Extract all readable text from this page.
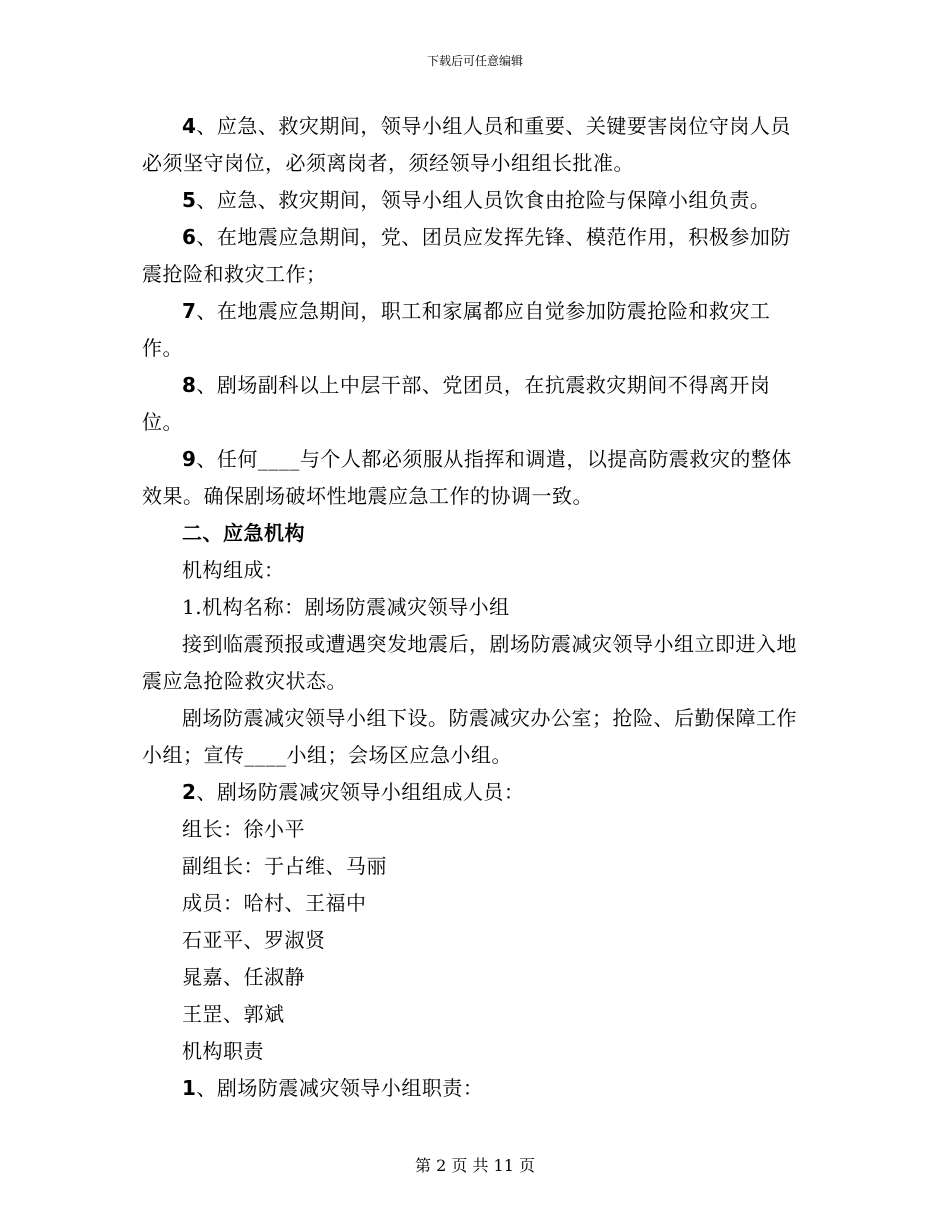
下载后可任意编辑

4、应急、救灾期间，领导小组人员和重要、关键要害岗位守岗人员必须坚守岗位，必须离岗者，须经领导小组组长批准。

5、应急、救灾期间，领导小组人员饮食由抢险与保障小组负责。

6、在地震应急期间，党、团员应发挥先锋、模范作用，积极参加防震抢险和救灾工作；

7、在地震应急期间，职工和家属都应自觉参加防震抢险和救灾工作。

8、剧场副科以上中层干部、党团员，在抗震救灾期间不得离开岗位。

9、任何____与个人都必须服从指挥和调遣，以提高防震救灾的整体效果。确保剧场破坏性地震应急工作的协调一致。

二、应急机构

机构组成：

1.机构名称：剧场防震减灾领导小组

接到临震预报或遭遇突发地震后，剧场防震减灾领导小组立即进入地震应急抢险救灾状态。

剧场防震减灾领导小组下设。防震减灾办公室；抢险、后勤保障工作小组；宣传____小组；会场区应急小组。

2、剧场防震减灾领导小组组成人员：

组长：徐小平

副组长：于占维、马丽

成员：哈村、王福中

石亚平、罗淑贤

晁嘉、任淑静

王罡、郭斌

机构职责

1、剧场防震减灾领导小组职责：

第 2 页 共 11 页
